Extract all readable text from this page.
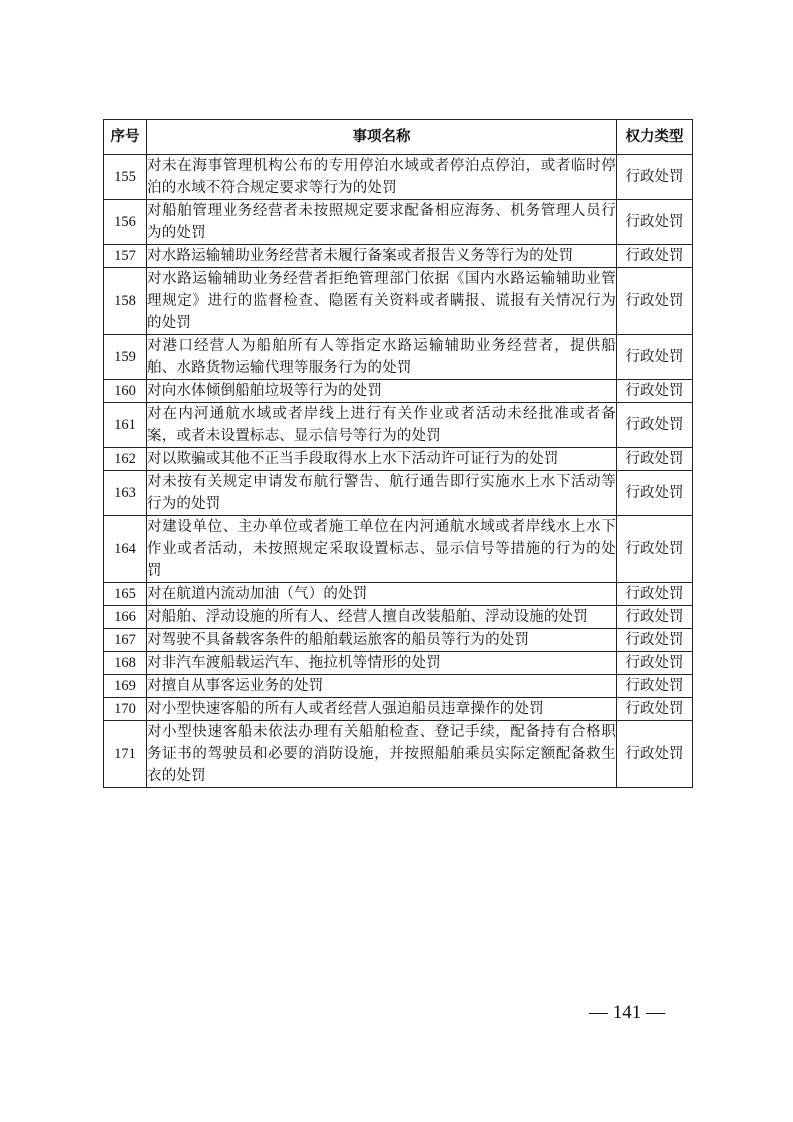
序号	事项名称	权力类型
155	对未在海事管理机构公布的专用停泊水域或者停泊点停泊，或者临时停泊的水域不符合规定要求等行为的处罚	行政处罚
156	对船舶管理业务经营者未按照规定要求配备相应海务、机务管理人员行为的处罚	行政处罚
157	对水路运输辅助业务经营者未履行备案或者报告义务等行为的处罚	行政处罚
158	对水路运输辅助业务经营者拒绝管理部门依据《国内水路运输辅助业管理规定》进行的监督检查、隐匿有关资料或者瞒报、谎报有关情况行为的处罚	行政处罚
159	对港口经营人为船舶所有人等指定水路运输辅助业务经营者，提供船舶、水路货物运输代理等服务行为的处罚	行政处罚
160	对向水体倾倒船舶垃圾等行为的处罚	行政处罚
161	对在内河通航水域或者岸线上进行有关作业或者活动未经批准或者备案，或者未设置标志、显示信号等行为的处罚	行政处罚
162	对以欺骗或其他不正当手段取得水上水下活动许可证行为的处罚	行政处罚
163	对未按有关规定申请发布航行警告、航行通告即行实施水上水下活动等行为的处罚	行政处罚
164	对建设单位、主办单位或者施工单位在内河通航水域或者岸线水上水下作业或者活动，未按照规定采取设置标志、显示信号等措施的行为的处罚	行政处罚
165	对在航道内流动加油（气）的处罚	行政处罚
166	对船舶、浮动设施的所有人、经营人擅自改装船舶、浮动设施的处罚	行政处罚
167	对驾驶不具备载客条件的船舶载运旅客的船员等行为的处罚	行政处罚
168	对非汽车渡船载运汽车、拖拉机等情形的处罚	行政处罚
169	对擅自从事客运业务的处罚	行政处罚
170	对小型快速客船的所有人或者经营人强迫船员违章操作的处罚	行政处罚
171	对小型快速客船未依法办理有关船舶检查、登记手续，配备持有合格职务证书的驾驶员和必要的消防设施，并按照船舶乘员实际定额配备救生衣的处罚	行政处罚
— 141 —
